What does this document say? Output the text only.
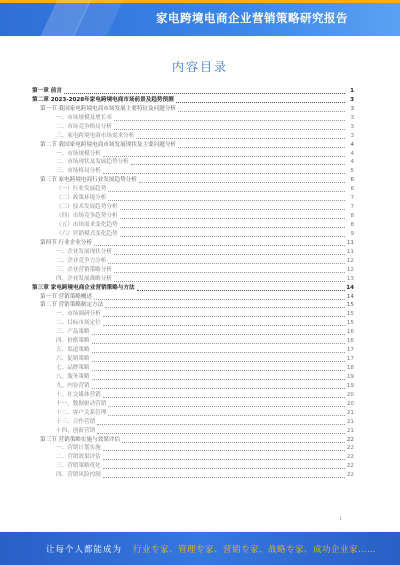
家电跨境电商企业营销策略研究报告
内容目录
第一章 前言	1
第二章 2023-2028年家电跨境电商市场前景及趋势预测	3
第一节 我国家电跨境电商市场发展主要特征及问题分析	3
一、市场规模及增长率	3
二、市场竞争格局分析	3
三、家电跨境电商市场需求分析	3
第二节 我国家电跨境电商市场发展现状及主要问题分析	4
一、市场规模分析	4
二、市场现状及发展趋势分析	4
三、市场格局分析	5
第三节 家电跨境电商行业发展趋势分析	6
（一）行业发展趋势	6
（二）政策环境分析	7
（三）技术发展趋势分析	7
（四）市场竞争趋势分析	8
（五）市场需求变化趋势	8
（六）营销模式变化趋势	9
第四节 行业企业分析	11
一、企业发展现状分析	11
二、企业竞争力分析	12
三、企业营销策略分析	12
四、企业发展战略分析	13
第三章 家电跨境电商企业营销策略与方法	14
第一节 营销策略概述	14
第二节 营销策略制定方法	15
一、市场调研分析	15
二、目标市场定位	15
三、产品策略	16
四、价格策略	16
五、渠道策略	17
六、促销策略	17
七、品牌策略	18
八、服务策略	19
九、内容营销	19
十、社交媒体营销	20
十一、数据驱动营销	20
十二、客户关系管理	21
十三、合作营销	21
十四、创新营销	21
第三节 营销策略实施与效果评估	22
一、营销计划实施	22
二、营销效果评估	22
三、营销策略优化	22
四、营销风险控制	22
1
让每个人都能成为 行业专家、管理专家、营销专家、战略专家、成功企业家……
